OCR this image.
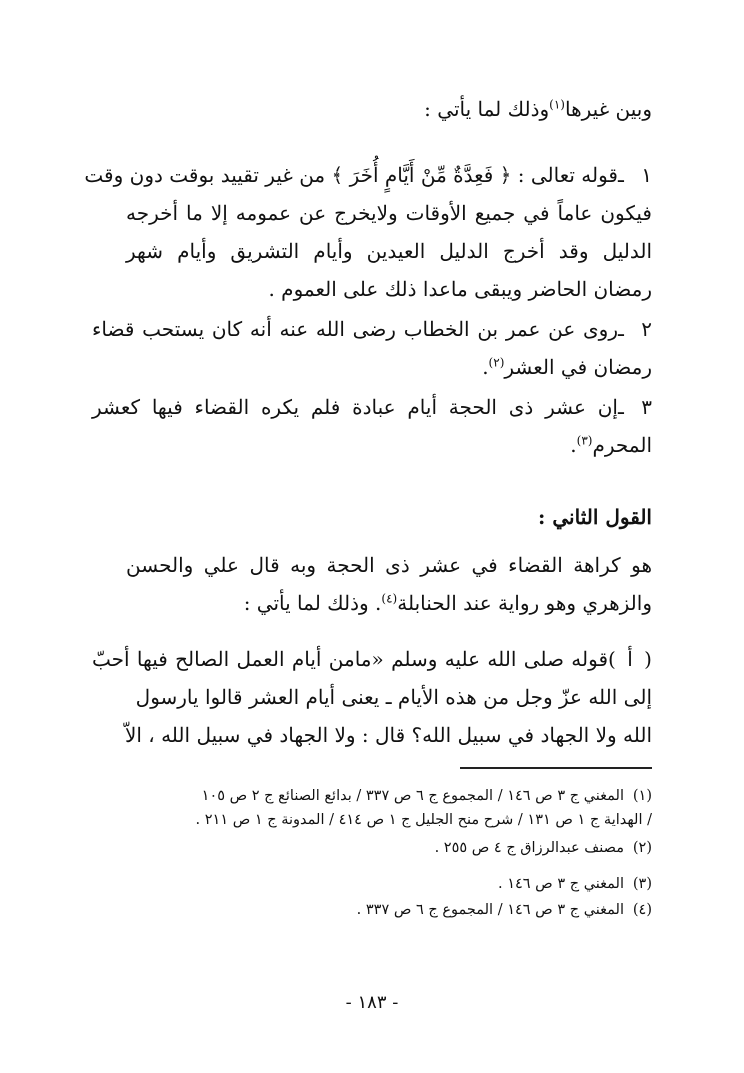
وبين غيرها$^{(١)}$وذلك لما يأتي :
١ ـقوله تعالى : ﴿ فَعِدَّةٌ مِّنْ أَيَّامٍ أُخَرَ ﴾ من غير تقييد بوقت دون وقت
فيكون عاماً في جميع الأوقات ولايخرج عن عمومه إلا ما أخرجه
الدليل وقد أخرج الدليل العيدين وأيام التشريق وأيام شهر
رمضان الحاضر ويبقى ماعدا ذلك على العموم .
٢ ـروى عن عمر بن الخطاب رضى الله عنه أنه كان يستحب قضاء
رمضان في العشر$^{(٢)}$.
٣ ـإن عشر ذى الحجة أيام عبادة فلم يكره القضاء فيها كعشر
المحرم$^{(٣)}$.
القول الثاني :
هو كراهة القضاء في عشر ذى الحجة وبه قال علي والحسن
والزهري وهو رواية عند الحنابلة$^{(٤)}$. وذلك لما يأتي :
( أ )قوله صلى الله عليه وسلم «مامن أيام العمل الصالح فيها أحبّ
إلى الله عزّ وجل من هذه الأيام ـ يعنى أيام العشر قالوا يارسول
الله ولا الجهاد في سبيل الله؟ قال : ولا الجهاد في سبيل الله ، الاّ
(١)المغني ج ٣ ص ١٤٦ / المجموع ج ٦ ص ٣٣٧ / بدائع الصنائع ج ٢ ص ١٠٥
/ الهداية ج ١ ص ١٣١ / شرح منح الجليل ج ١ ص ٤١٤ / المدونة ج ١ ص ٢١١ .
(٢)مصنف عبدالرزاق ج ٤ ص ٢٥٥ .
(٣)المغني ج ٣ ص ١٤٦ .
(٤)المغني ج ٣ ص ١٤٦ / المجموع ج ٦ ص ٣٣٧ .
- ١٨٣ -
